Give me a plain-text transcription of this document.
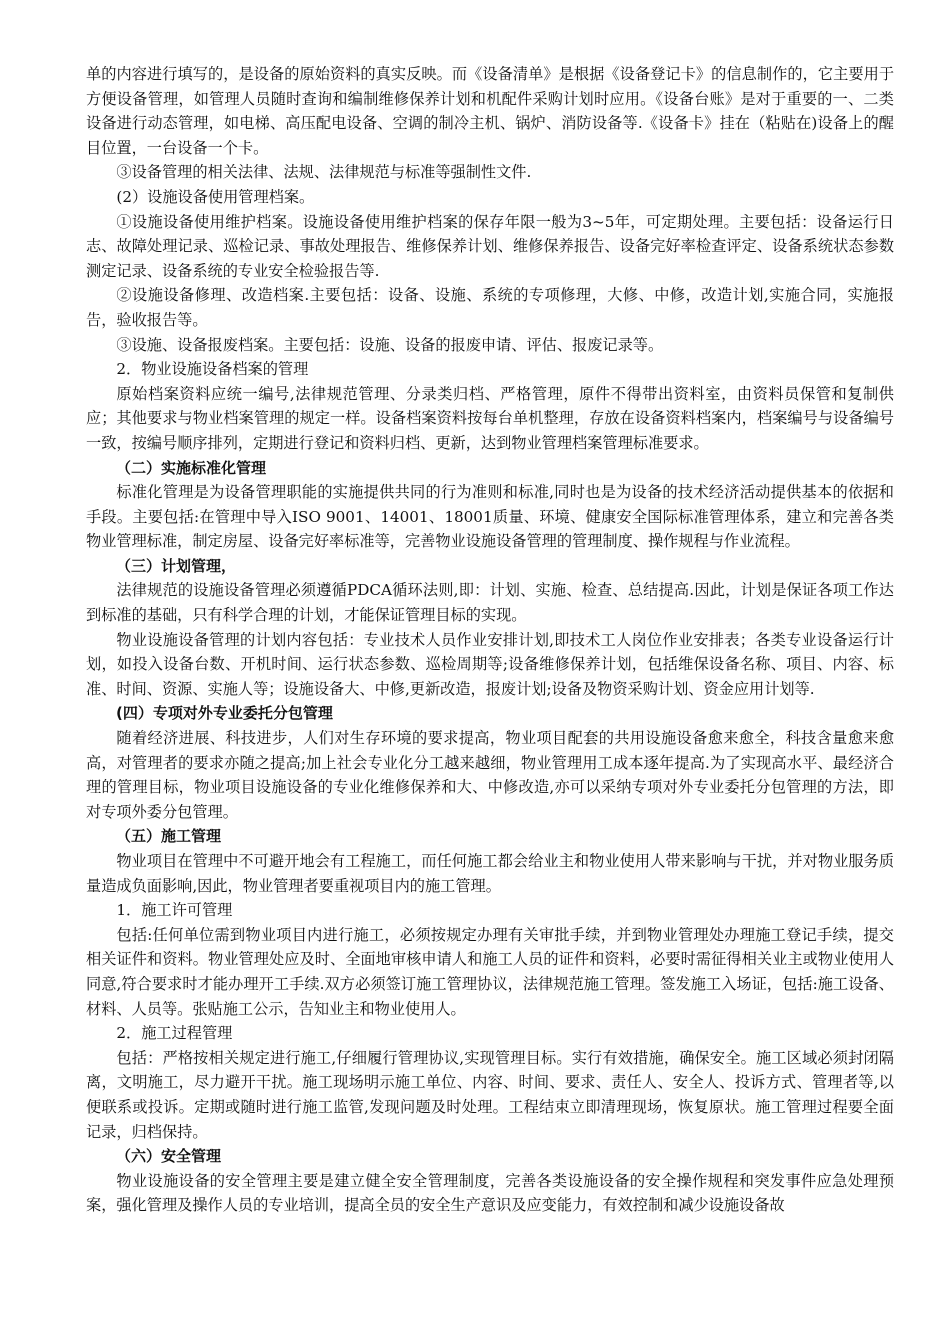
单的内容进行填写的，是设备的原始资料的真实反映。而《设备清单》是根据《设备登记卡》的信息制作的，它主要用于方便设备管理，如管理人员随时查询和编制维修保养计划和机配件采购计划时应用。《设备台账》是对于重要的一、二类设备进行动态管理，如电梯、高压配电设备、空调的制冷主机、锅炉、消防设备等.《设备卡》挂在（粘贴在)设备上的醒目位置，一台设备一个卡。

③设备管理的相关法律、法规、法律规范与标准等强制性文件.

(2）设施设备使用管理档案。

①设施设备使用维护档案。设施设备使用维护档案的保存年限一般为3~5年，可定期处理。主要包括：设备运行日志、故障处理记录、巡检记录、事故处理报告、维修保养计划、维修保养报告、设备完好率检查评定、设备系统状态参数测定记录、设备系统的专业安全检验报告等.

②设施设备修理、改造档案.主要包括：设备、设施、系统的专项修理，大修、中修，改造计划,实施合同，实施报告，验收报告等。

③设施、设备报废档案。主要包括：设施、设备的报废申请、评估、报废记录等。

2．物业设施设备档案的管理

原始档案资料应统一编号,法律规范管理、分录类归档、严格管理，原件不得带出资料室，由资料员保管和复制供应；其他要求与物业档案管理的规定一样。设备档案资料按每台单机整理，存放在设备资料档案内，档案编号与设备编号一致，按编号顺序排列，定期进行登记和资料归档、更新，达到物业管理档案管理标准要求。

（二）实施标准化管理

标准化管理是为设备管理职能的实施提供共同的行为准则和标准,同时也是为设备的技术经济活动提供基本的依据和手段。主要包括:在管理中导入ISO 9001、14001、18001质量、环境、健康安全国际标准管理体系，建立和完善各类物业管理标准，制定房屋、设备完好率标准等，完善物业设施设备管理的管理制度、操作规程与作业流程。

（三）计划管理，

法律规范的设施设备管理必须遵循PDCA循环法则,即：计划、实施、检查、总结提高.因此，计划是保证各项工作达到标准的基础，只有科学合理的计划，才能保证管理目标的实现。

物业设施设备管理的计划内容包括：专业技术人员作业安排计划,即技术工人岗位作业安排表；各类专业设备运行计划，如投入设备台数、开机时间、运行状态参数、巡检周期等;设备维修保养计划，包括维保设备名称、项目、内容、标准、时间、资源、实施人等；设施设备大、中修,更新改造，报废计划;设备及物资采购计划、资金应用计划等.

(四）专项对外专业委托分包管理

随着经济进展、科技进步，人们对生存环境的要求提高，物业项目配套的共用设施设备愈来愈全，科技含量愈来愈高，对管理者的要求亦随之提高;加上社会专业化分工越来越细，物业管理用工成本逐年提高.为了实现高水平、最经济合理的管理目标，物业项目设施设备的专业化维修保养和大、中修改造,亦可以采纳专项对外专业委托分包管理的方法，即对专项外委分包管理。

（五）施工管理

物业项目在管理中不可避开地会有工程施工，而任何施工都会给业主和物业使用人带来影响与干扰，并对物业服务质量造成负面影响,因此，物业管理者要重视项目内的施工管理。

1．施工许可管理

包括:任何单位需到物业项目内进行施工，必须按规定办理有关审批手续，并到物业管理处办理施工登记手续，提交相关证件和资料。物业管理处应及时、全面地审核申请人和施工人员的证件和资料，必要时需征得相关业主或物业使用人同意,符合要求时才能办理开工手续.双方必须签订施工管理协议，法律规范施工管理。签发施工入场证，包括:施工设备、材料、人员等。张贴施工公示，告知业主和物业使用人。

2．施工过程管理

包括：严格按相关规定进行施工,仔细履行管理协议,实现管理目标。实行有效措施，确保安全。施工区域必须封闭隔离，文明施工，尽力避开干扰。施工现场明示施工单位、内容、时间、要求、责任人、安全人、投诉方式、管理者等,以便联系或投诉。定期或随时进行施工监管,发现问题及时处理。工程结束立即清理现场，恢复原状。施工管理过程要全面记录，归档保持。

（六）安全管理

物业设施设备的安全管理主要是建立健全安全管理制度，完善各类设施设备的安全操作规程和突发事件应急处理预案，强化管理及操作人员的专业培训，提高全员的安全生产意识及应变能力，有效控制和减少设施设备故
